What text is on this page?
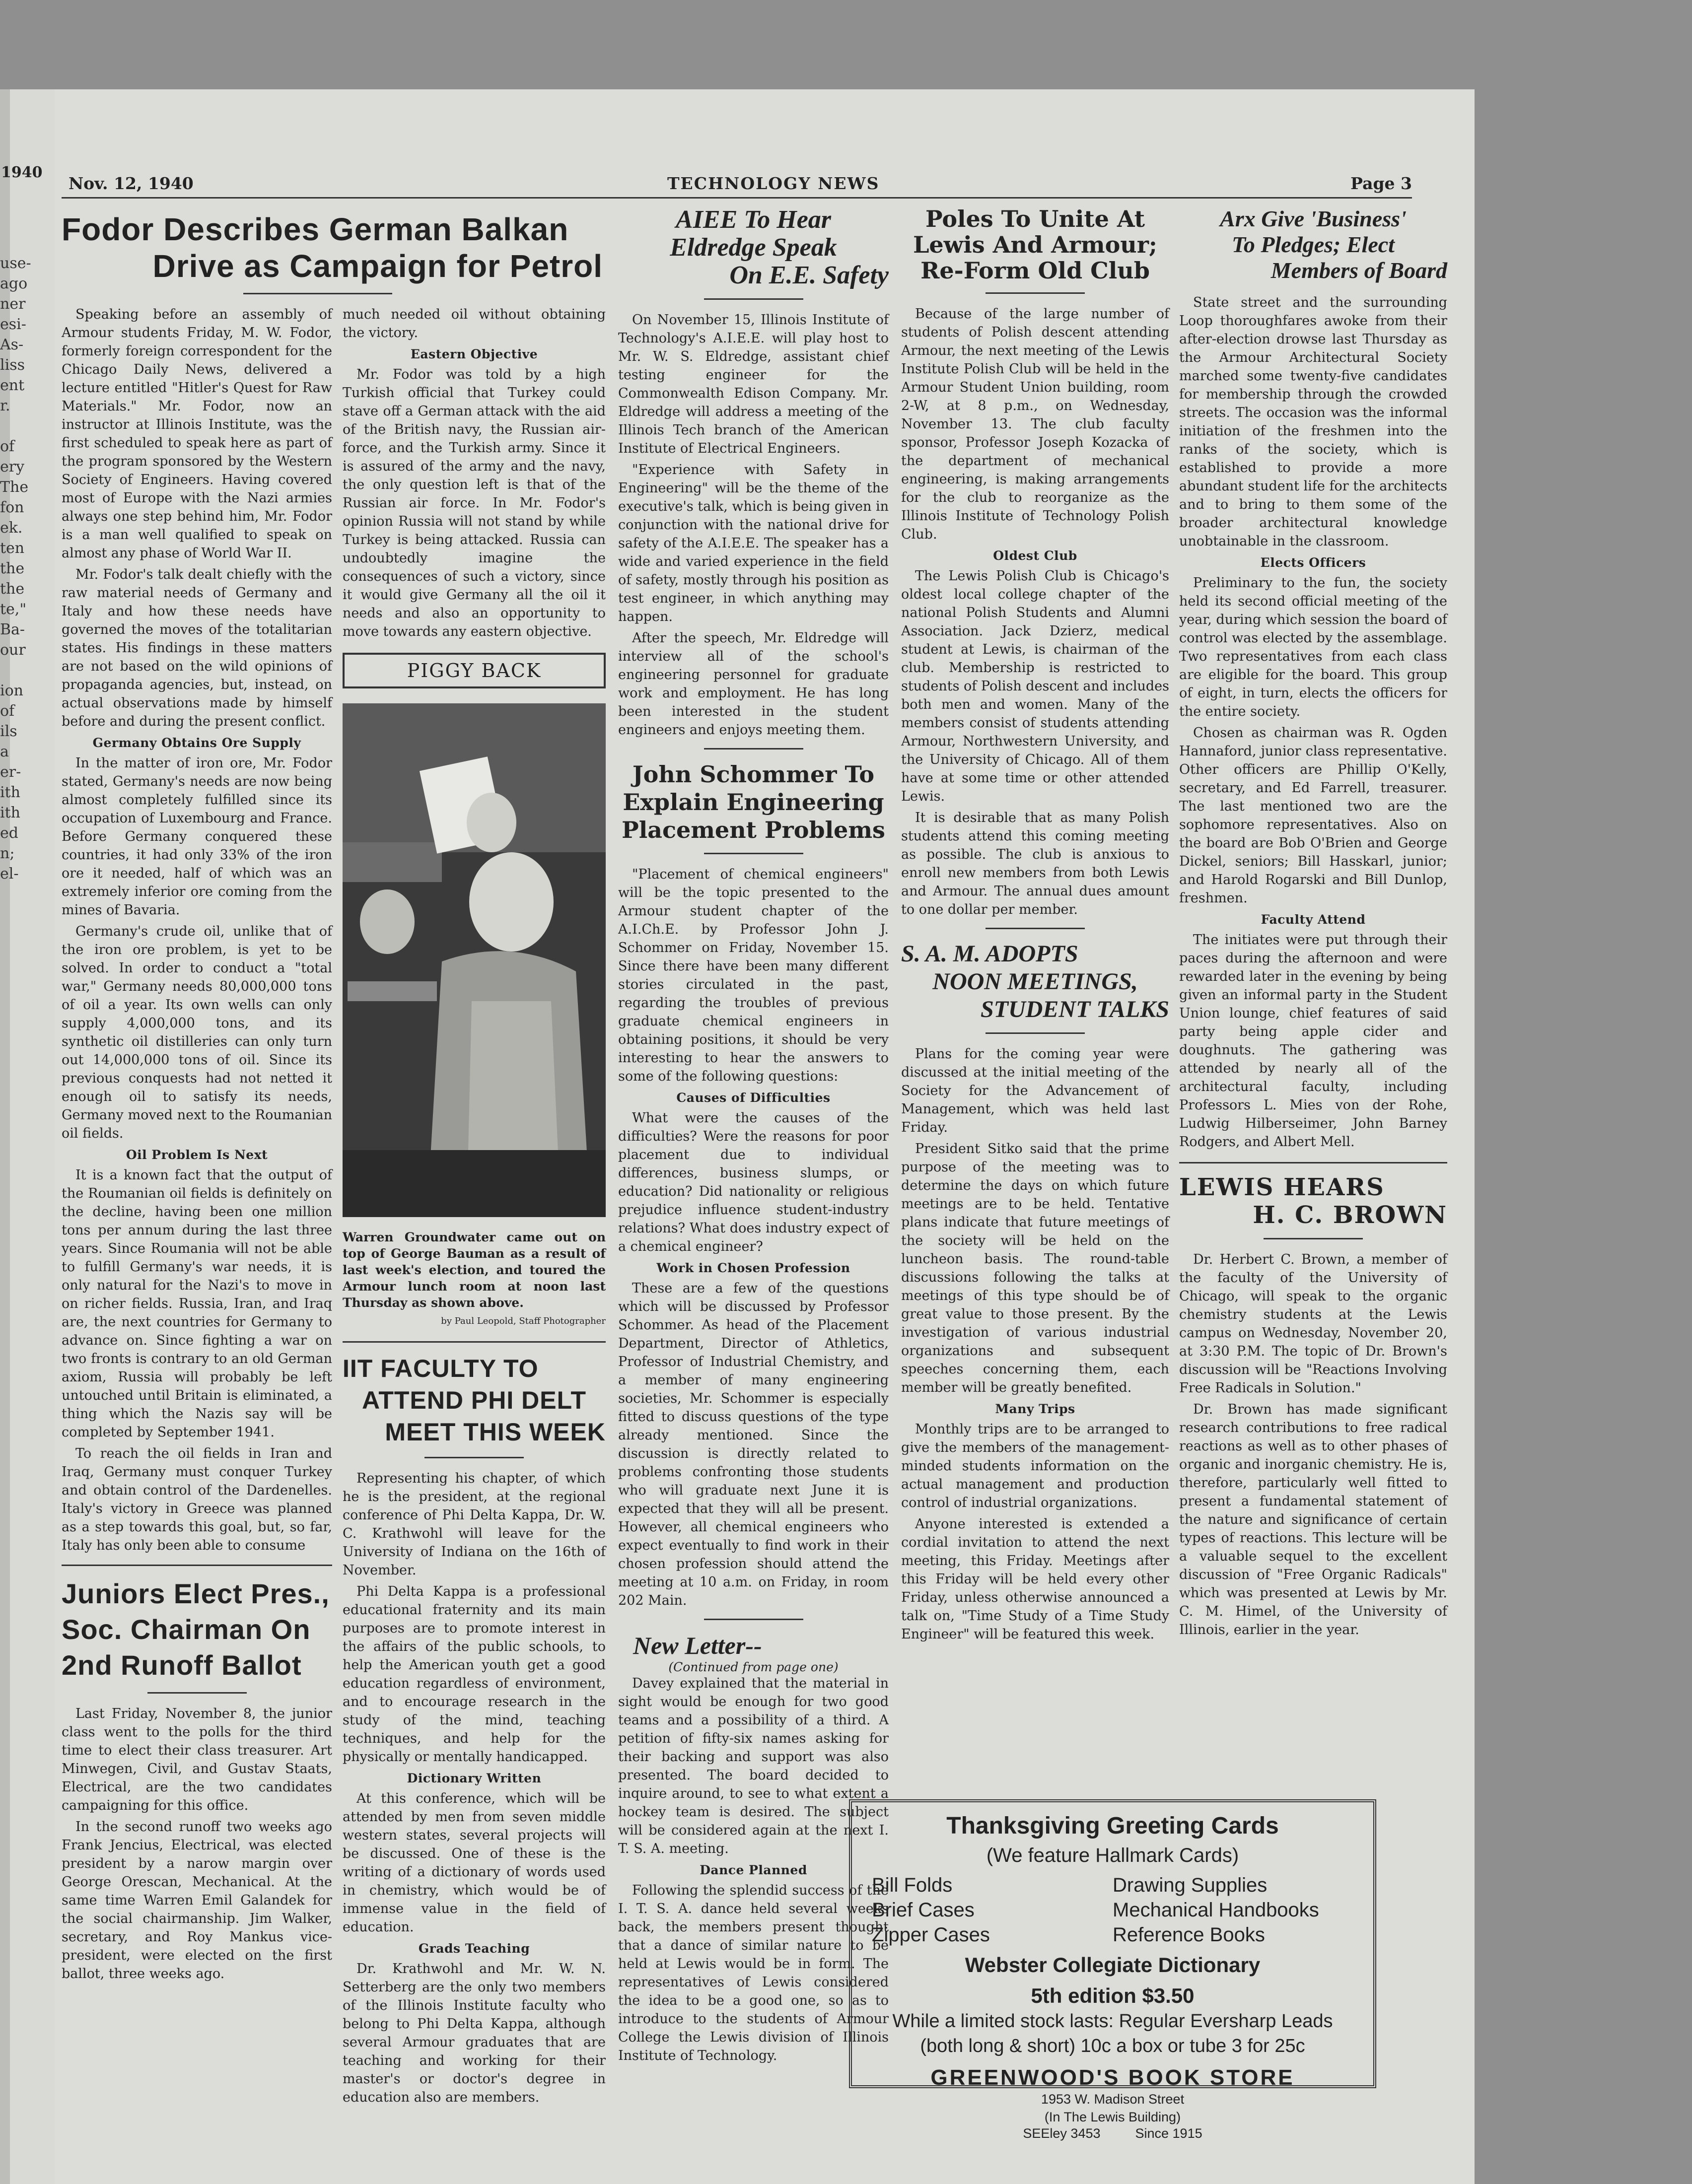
1940
use-
ago
ner
esi-
As-
liss
ent
r.

of
ery
The
fon
ek.
ten
the
the
te,"
Ba-
our

ion
of
ils
a
er-
ith
ith
ed
n;
el-
Nov. 12, 1940	TECHNOLOGY NEWS	Page 3
Fodor Describes German Balkan
Drive as Campaign for Petrol

Speaking before an assembly of Armour students Friday, M. W. Fodor, formerly foreign correspondent for the Chicago Daily News, delivered a lecture entitled "Hitler's Quest for Raw Materials." Mr. Fodor, now an instructor at Illinois Institute, was the first scheduled to speak here as part of the program sponsored by the Western Society of Engineers. Having covered most of Europe with the Nazi armies always one step behind him, Mr. Fodor is a man well qualified to speak on almost any phase of World War II.

Mr. Fodor's talk dealt chiefly with the raw material needs of Germany and Italy and how these needs have governed the moves of the totalitarian states. His findings in these matters are not based on the wild opinions of propaganda agencies, but, instead, on actual observations made by himself before and during the present conflict.

Germany Obtains Ore Supply

In the matter of iron ore, Mr. Fodor stated, Germany's needs are now being almost completely fulfilled since its occupation of Luxembourg and France. Before Germany conquered these countries, it had only 33% of the iron ore it needed, half of which was an extremely inferior ore coming from the mines of Bavaria.

Germany's crude oil, unlike that of the iron ore problem, is yet to be solved. In order to conduct a "total war," Germany needs 80,000,000 tons of oil a year. Its own wells can only supply 4,000,000 tons, and its synthetic oil distilleries can only turn out 14,000,000 tons of oil. Since its previous conquests had not netted it enough oil to satisfy its needs, Germany moved next to the Roumanian oil fields.

Oil Problem Is Next

It is a known fact that the output of the Roumanian oil fields is definitely on the decline, having been one million tons per annum during the last three years. Since Roumania will not be able to fulfill Germany's war needs, it is only natural for the Nazi's to move in on richer fields. Russia, Iran, and Iraq are, the next countries for Germany to advance on. Since fighting a war on two fronts is contrary to an old German axiom, Russia will probably be left untouched until Britain is eliminated, a thing which the Nazis say will be completed by September 1941.

To reach the oil fields in Iran and Iraq, Germany must conquer Turkey and obtain control of the Dardenelles. Italy's victory in Greece was planned as a step towards this goal, but, so far, Italy has only been able to consume

Juniors Elect Pres.,
Soc. Chairman On
2nd Runoff Ballot

Last Friday, November 8, the junior class went to the polls for the third time to elect their class treasurer. Art Minwegen, Civil, and Gustav Staats, Electrical, are the two candidates campaigning for this office.

In the second runoff two weeks ago Frank Jencius, Electrical, was elected president by a narow margin over George Orescan, Mechanical. At the same time Warren Emil Galandek for the social chairmanship. Jim Walker, secretary, and Roy Mankus vice-president, were elected on the first ballot, three weeks ago.

much needed oil without obtaining the victory.

Eastern Objective

Mr. Fodor was told by a high Turkish official that Turkey could stave off a German attack with the aid of the British navy, the Russian air-force, and the Turkish army. Since it is assured of the army and the navy, the only question left is that of the Russian air force. In Mr. Fodor's opinion Russia will not stand by while Turkey is being attacked. Russia can undoubtedly imagine the consequences of such a victory, since it would give Germany all the oil it needs and also an opportunity to move towards any eastern objective.

PIGGY BACK
Warren Groundwater came out on top of George Bauman as a result of last week's election, and toured the Armour lunch room at noon last Thursday as shown above.
by Paul Leopold, Staff Photographer
IIT FACULTY TO
ATTEND PHI DELT
MEET THIS WEEK

Representing his chapter, of which he is the president, at the regional conference of Phi Delta Kappa, Dr. W. C. Krathwohl will leave for the University of Indiana on the 16th of November.

Phi Delta Kappa is a professional educational fraternity and its main purposes are to promote interest in the affairs of the public schools, to help the American youth get a good education regardless of environment, and to encourage research in the study of the mind, teaching techniques, and help for the physically or mentally handicapped.

Dictionary Written

At this conference, which will be attended by men from seven middle western states, several projects will be discussed. One of these is the writing of a dictionary of words used in chemistry, which would be of immense value in the field of education.

Grads Teaching

Dr. Krathwohl and Mr. W. N. Setterberg are the only two members of the Illinois Institute faculty who belong to Phi Delta Kappa, although several Armour graduates that are teaching and working for their master's or doctor's degree in education also are members.

AIEE To Hear
Eldredge Speak
On E.E. Safety

On November 15, Illinois Institute of Technology's A.I.E.E. will play host to Mr. W. S. Eldredge, assistant chief testing engineer for the Commonwealth Edison Company. Mr. Eldredge will address a meeting of the Illinois Tech branch of the American Institute of Electrical Engineers.

"Experience with Safety in Engineering" will be the theme of the executive's talk, which is being given in conjunction with the national drive for safety of the A.I.E.E. The speaker has a wide and varied experience in the field of safety, mostly through his position as test engineer, in which anything may happen.

After the speech, Mr. Eldredge will interview all of the school's engineering personnel for graduate work and employment. He has long been interested in the student engineers and enjoys meeting them.

John Schommer To
Explain Engineering
Placement Problems

"Placement of chemical engineers" will be the topic presented to the Armour student chapter of the A.I.Ch.E. by Professor John J. Schommer on Friday, November 15. Since there have been many different stories circulated in the past, regarding the troubles of previous graduate chemical engineers in obtaining positions, it should be very interesting to hear the answers to some of the following questions:

Causes of Difficulties

What were the causes of the difficulties? Were the reasons for poor placement due to individual differences, business slumps, or education? Did nationality or religious prejudice influence student-industry relations? What does industry expect of a chemical engineer?

Work in Chosen Profession

These are a few of the questions which will be discussed by Professor Schommer. As head of the Placement Department, Director of Athletics, Professor of Industrial Chemistry, and a member of many engineering societies, Mr. Schommer is especially fitted to discuss questions of the type already mentioned. Since the discussion is directly related to problems confronting those students who will graduate next June it is expected that they will all be present. However, all chemical engineers who expect eventually to find work in their chosen profession should attend the meeting at 10 a.m. on Friday, in room 202 Main.

New Letter--
(Continued from page one)

Davey explained that the material in sight would be enough for two good teams and a possibility of a third. A petition of fifty-six names asking for their backing and support was also presented. The board decided to inquire around, to see to what extent a hockey team is desired. The subject will be considered again at the next I. T. S. A. meeting.

Dance Planned

Following the splendid success of the I. T. S. A. dance held several weeks back, the members present thought that a dance of similar nature to be held at Lewis would be in form. The representatives of Lewis considered the idea to be a good one, so as to introduce to the students of Armour College the Lewis division of Illinois Institute of Technology.

Poles To Unite At
Lewis And Armour;
Re-Form Old Club

Because of the large number of students of Polish descent attending Armour, the next meeting of the Lewis Institute Polish Club will be held in the Armour Student Union building, room 2-W, at 8 p.m., on Wednesday, November 13. The club faculty sponsor, Professor Joseph Kozacka of the department of mechanical engineering, is making arrangements for the club to reorganize as the Illinois Institute of Technology Polish Club.

Oldest Club

The Lewis Polish Club is Chicago's oldest local college chapter of the national Polish Students and Alumni Association. Jack Dzierz, medical student at Lewis, is chairman of the club. Membership is restricted to students of Polish descent and includes both men and women. Many of the members consist of students attending Armour, Northwestern University, and the University of Chicago. All of them have at some time or other attended Lewis.

It is desirable that as many Polish students attend this coming meeting as possible. The club is anxious to enroll new members from both Lewis and Armour. The annual dues amount to one dollar per member.

S. A. M. ADOPTS
NOON MEETINGS,
STUDENT TALKS

Plans for the coming year were discussed at the initial meeting of the Society for the Advancement of Management, which was held last Friday.

President Sitko said that the prime purpose of the meeting was to determine the days on which future meetings are to be held. Tentative plans indicate that future meetings of the society will be held on the luncheon basis. The round-table discussions following the talks at meetings of this type should be of great value to those present. By the investigation of various industrial organizations and subsequent speeches concerning them, each member will be greatly benefited.

Many Trips

Monthly trips are to be arranged to give the members of the management-minded students information on the actual management and production control of industrial organizations.

Anyone interested is extended a cordial invitation to attend the next meeting, this Friday. Meetings after this Friday will be held every other Friday, unless otherwise announced a talk on, "Time Study of a Time Study Engineer" will be featured this week.

Arx Give 'Business'
To Pledges; Elect
Members of Board

State street and the surrounding Loop thoroughfares awoke from their after-election drowse last Thursday as the Armour Architectural Society marched some twenty-five candidates for membership through the crowded streets. The occasion was the informal initiation of the freshmen into the ranks of the society, which is established to provide a more abundant student life for the architects and to bring to them some of the broader architectural knowledge unobtainable in the classroom.

Elects Officers

Preliminary to the fun, the society held its second official meeting of the year, during which session the board of control was elected by the assemblage. Two representatives from each class are eligible for the board. This group of eight, in turn, elects the officers for the entire society.

Chosen as chairman was R. Ogden Hannaford, junior class representative. Other officers are Phillip O'Kelly, secretary, and Ed Farrell, treasurer. The last mentioned two are the sophomore representatives. Also on the board are Bob O'Brien and George Dickel, seniors; Bill Hasskarl, junior; and Harold Rogarski and Bill Dunlop, freshmen.

Faculty Attend

The initiates were put through their paces during the afternoon and were rewarded later in the evening by being given an informal party in the Student Union lounge, chief features of said party being apple cider and doughnuts. The gathering was attended by nearly all of the architectural faculty, including Professors L. Mies von der Rohe, Ludwig Hilberseimer, John Barney Rodgers, and Albert Mell.

LEWIS HEARS
H. C. BROWN

Dr. Herbert C. Brown, a member of the faculty of the University of Chicago, will speak to the organic chemistry students at the Lewis campus on Wednesday, November 20, at 3:30 P.M. The topic of Dr. Brown's discussion will be "Reactions Involving Free Radicals in Solution."

Dr. Brown has made significant research contributions to free radical reactions as well as to other phases of organic and inorganic chemistry. He is, therefore, particularly well fitted to present a fundamental statement of the nature and significance of certain types of reactions. This lecture will be a valuable sequel to the excellent discussion of "Free Organic Radicals" which was presented at Lewis by Mr. C. M. Himel, of the University of Illinois, earlier in the year.

Thanksgiving Greeting Cards
(We feature Hallmark Cards)
Bill Folds	Drawing Supplies
Brief Cases	Mechanical Handbooks
Zipper Cases	Reference Books
Webster Collegiate Dictionary
5th edition $3.50
While a limited stock lasts: Regular Eversharp Leads
(both long & short) 10c a box or tube 3 for 25c
GREENWOOD'S BOOK STORE
1953 W. Madison Street
(In The Lewis Building)
SEEley 3453	Since 1915
